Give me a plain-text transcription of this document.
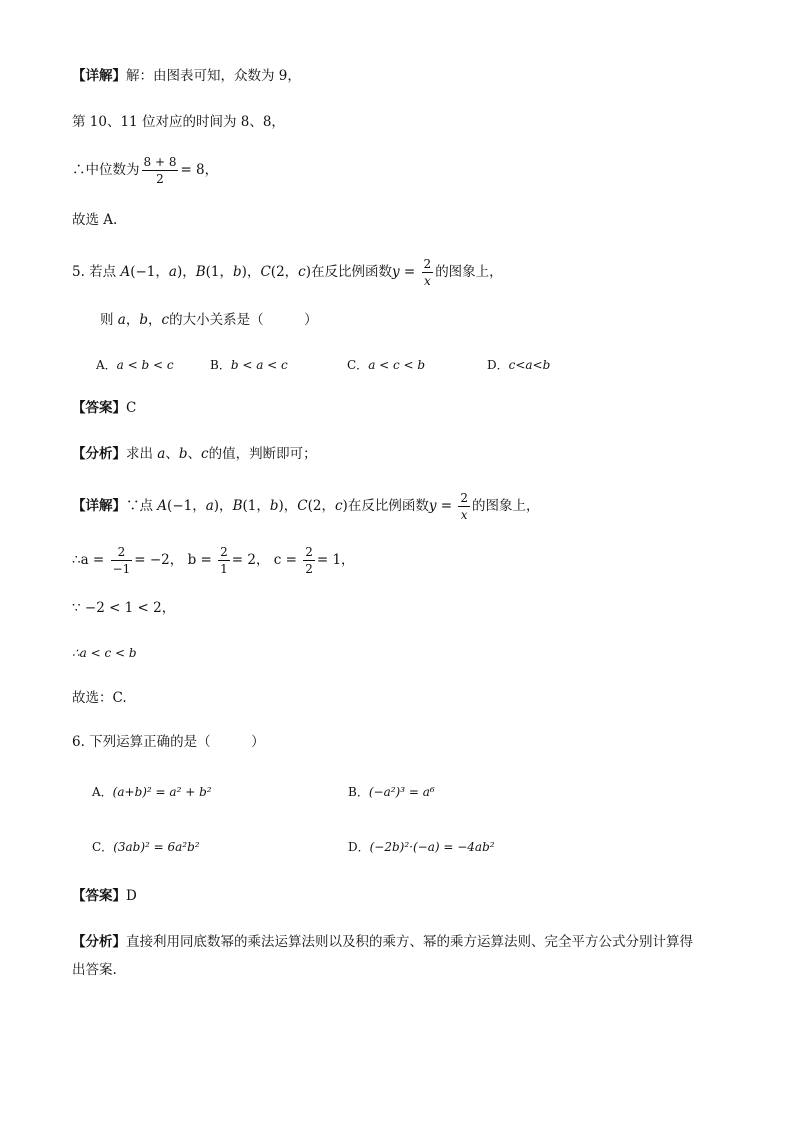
【详解】解：由图表可知，众数为 9，
第 10、11 位对应的时间为 8、8，
∴中位数为 $\frac{8 + 8}{2} = 8$，
故选 A.
5. 若点 A(−1，a)，B(1，b)，C(2，c)在反比例函数$y = \frac{2}{x}$ 的图象上，
则 a，b，c的大小关系是（　　　）
A．a < b < c	B．b < a < c	C．a < c < b	D．c<a<b
【答案】C
【分析】求出 a、b、c的值，判断即可；
【详解】∵点 A(−1，a)，B(1，b)，C(2，c)在反比例函数$y = \frac{2}{x}$ 的图象上，
∴a = $\frac{2}{-1} = -2$， $b = \frac{2}{1} = 2$， $c = \frac{2}{2} = 1$，
∵ −2 < 1 < 2，
∴a < c < b
故选：C.
6. 下列运算正确的是（　　　）
A．(a+b)² = a² + b²	B．(−a²)³ = a⁶
C．(3ab)² = 6a²b²	D．(−2b)²·(−a) = −4ab²
【答案】D
【分析】直接利用同底数幂的乘法运算法则以及积的乘方、幂的乘方运算法则、完全平方公式分别计算得
出答案.
